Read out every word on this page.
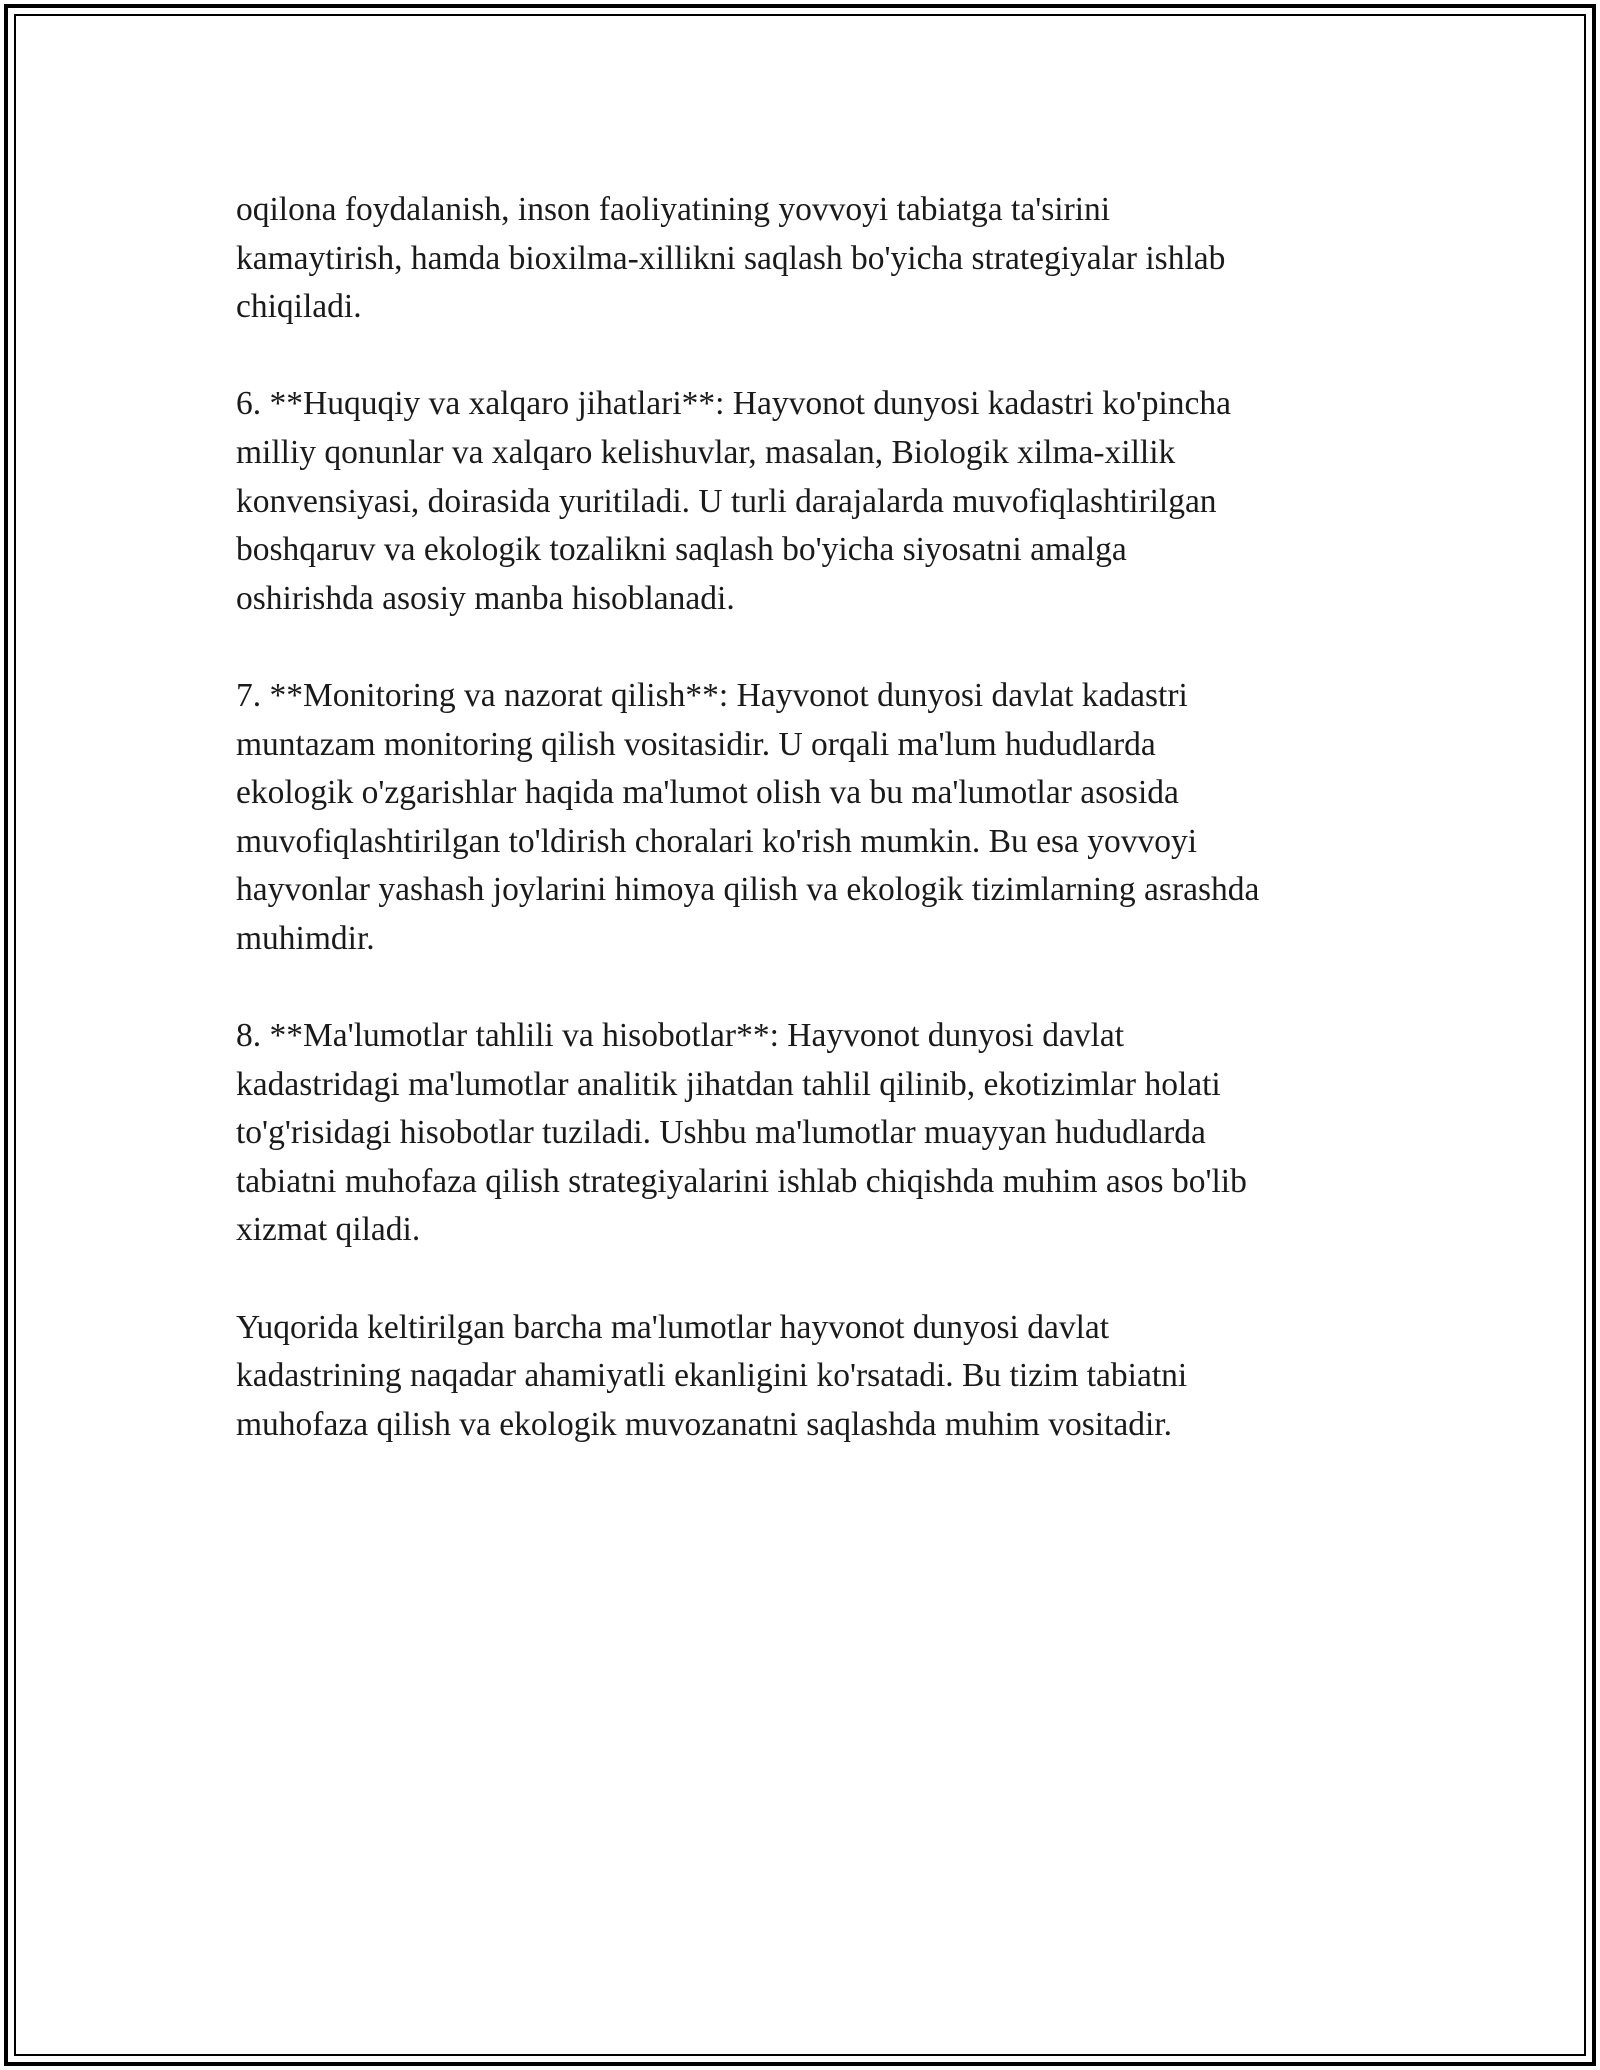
oqilona foydalanish, inson faoliyatining yovvoyi tabiatga ta'sirini
kamaytirish, hamda bioxilma-xillikni saqlash bo'yicha strategiyalar ishlab
chiqiladi.

6. **Huquqiy va xalqaro jihatlari**: Hayvonot dunyosi kadastri ko'pincha
milliy qonunlar va xalqaro kelishuvlar, masalan, Biologik xilma-xillik
konvensiyasi, doirasida yuritiladi. U turli darajalarda muvofiqlashtirilgan
boshqaruv va ekologik tozalikni saqlash bo'yicha siyosatni amalga
oshirishda asosiy manba hisoblanadi.

7. **Monitoring va nazorat qilish**: Hayvonot dunyosi davlat kadastri
muntazam monitoring qilish vositasidir. U orqali ma'lum hududlarda
ekologik o'zgarishlar haqida ma'lumot olish va bu ma'lumotlar asosida
muvofiqlashtirilgan to'ldirish choralari ko'rish mumkin. Bu esa yovvoyi
hayvonlar yashash joylarini himoya qilish va ekologik tizimlarning asrashda
muhimdir.

8. **Ma'lumotlar tahlili va hisobotlar**: Hayvonot dunyosi davlat
kadastridagi ma'lumotlar analitik jihatdan tahlil qilinib, ekotizimlar holati
to'g'risidagi hisobotlar tuziladi. Ushbu ma'lumotlar muayyan hududlarda
tabiatni muhofaza qilish strategiyalarini ishlab chiqishda muhim asos bo'lib
xizmat qiladi.

Yuqorida keltirilgan barcha ma'lumotlar hayvonot dunyosi davlat
kadastrining naqadar ahamiyatli ekanligini ko'rsatadi. Bu tizim tabiatni
muhofaza qilish va ekologik muvozanatni saqlashda muhim vositadir.
